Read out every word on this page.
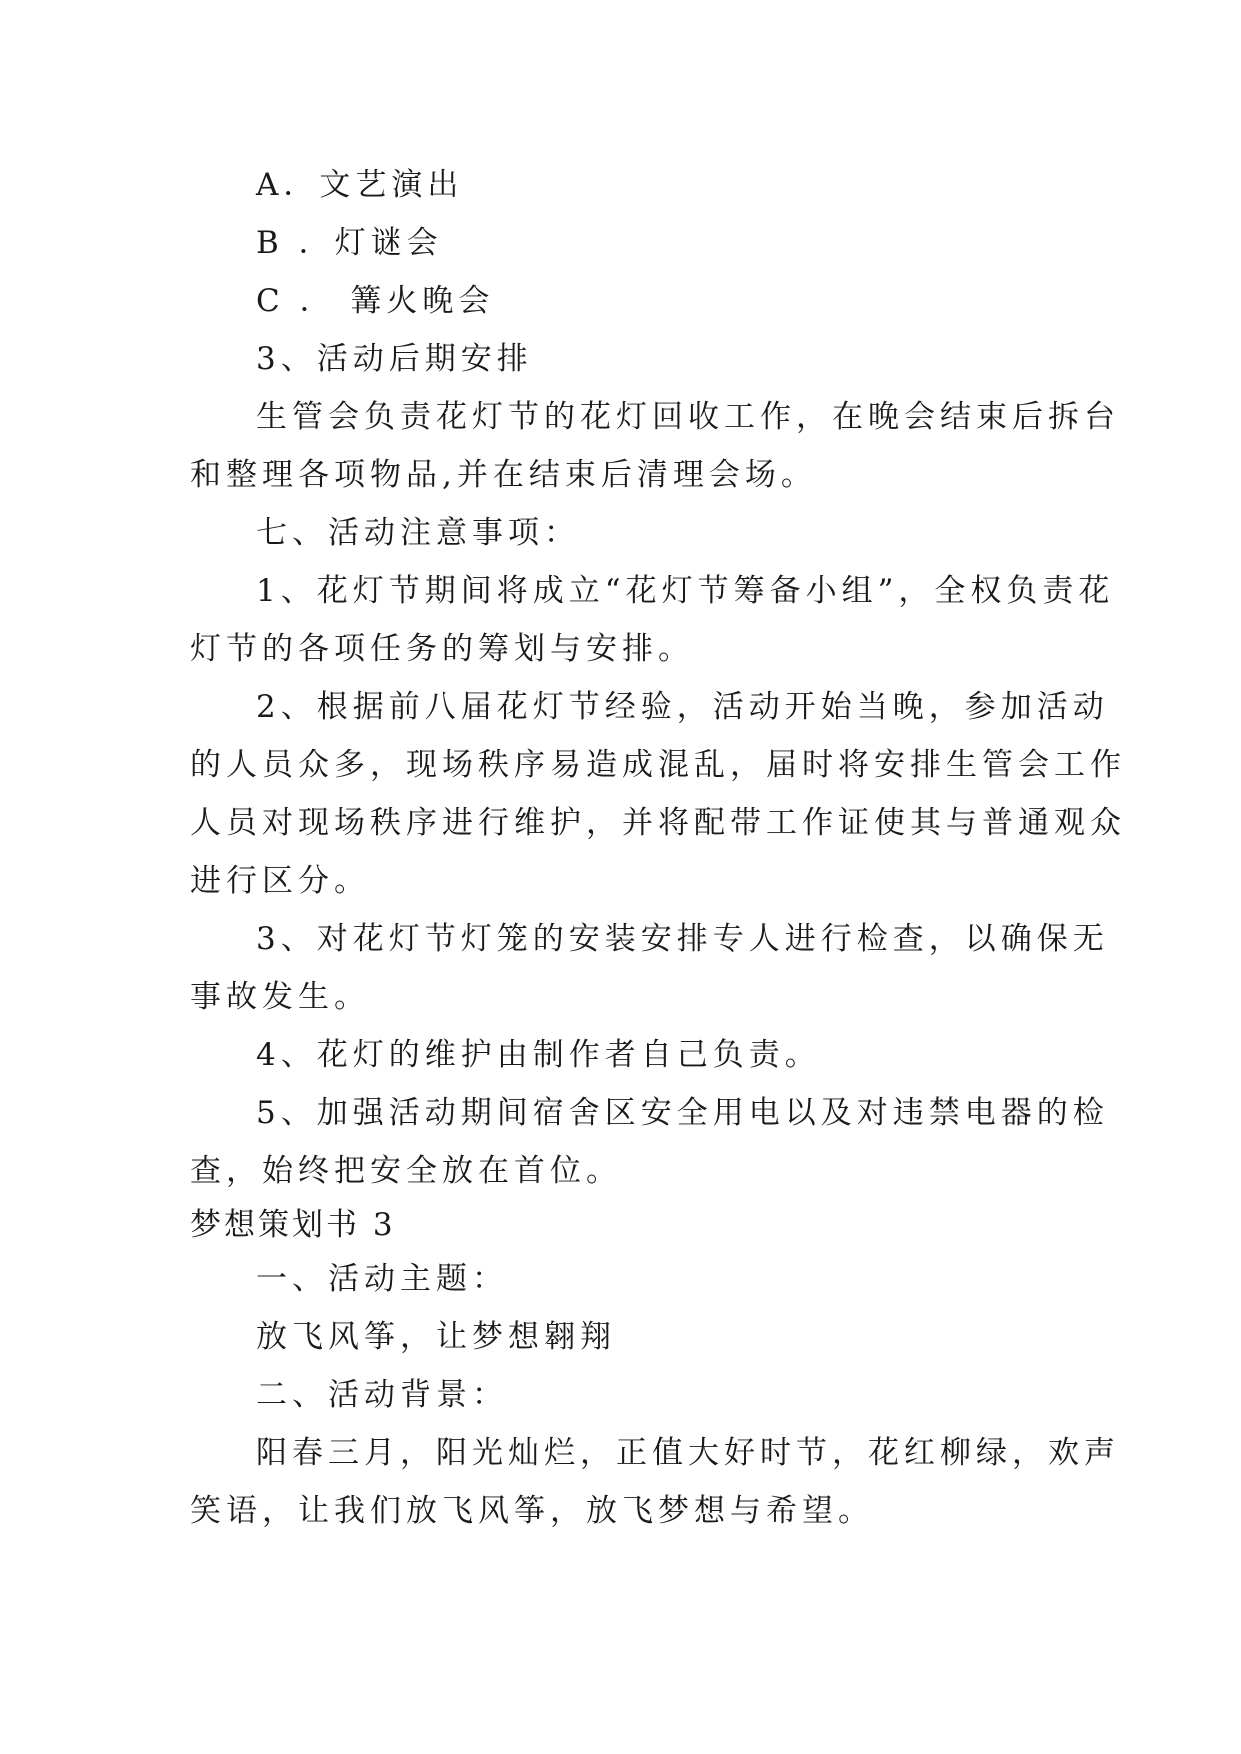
A．文艺演出
B ．灯谜会
C ． 篝火晚会
3、活动后期安排
生管会负责花灯节的花灯回收工作，在晚会结束后拆台
和整理各项物品,并在结束后清理会场。
七、活动注意事项：
1、花灯节期间将成立“花灯节筹备小组”，全权负责花
灯节的各项任务的筹划与安排。
2、根据前八届花灯节经验，活动开始当晚，参加活动
的人员众多，现场秩序易造成混乱，届时将安排生管会工作
人员对现场秩序进行维护，并将配带工作证使其与普通观众
进行区分。
3、对花灯节灯笼的安装安排专人进行检查，以确保无
事故发生。
4、花灯的维护由制作者自己负责。
5、加强活动期间宿舍区安全用电以及对违禁电器的检
查，始终把安全放在首位。
梦想策划书 3
一、活动主题：
放飞风筝，让梦想翱翔
二、活动背景：
阳春三月，阳光灿烂，正值大好时节，花红柳绿，欢声
笑语，让我们放飞风筝，放飞梦想与希望。
